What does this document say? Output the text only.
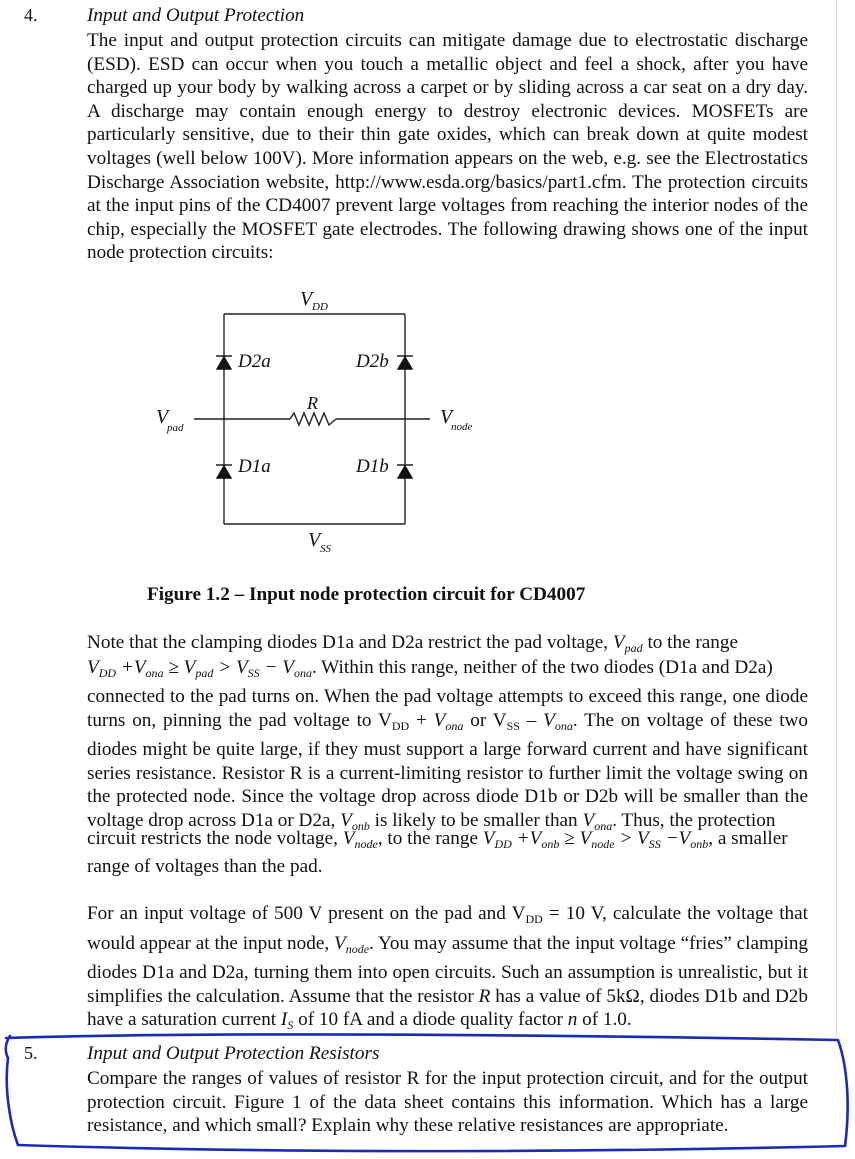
4.	Input and Output Protection

The input and output protection circuits can mitigate damage due to electrostatic discharge (ESD). ESD can occur when you touch a metallic object and feel a shock, after you have charged up your body by walking across a carpet or by sliding across a car seat on a dry day. A discharge may contain enough energy to destroy electronic devices. MOSFETs are particularly sensitive, due to their thin gate oxides, which can break down at quite modest voltages (well below 100V). More information appears on the web, e.g. see the Electrostatics Discharge Association website, http://www.esda.org/basics/part1.cfm. The protection circuits at the input pins of the CD4007 prevent large voltages from reaching the interior nodes of the chip, especially the MOSFET gate electrodes. The following drawing shows one of the input node protection circuits:

V DD
V SS
V
pad	V
node
R
D2a	D2b
D1a	D1b
Figure 1.2 – Input node protection circuit for CD4007
Note that the clamping diodes D1a and D2a restrict the pad voltage, $V_{pad}$ to the range
$V_{DD} +V_{ona} \ge V_{pad} > V_{SS} - V_{ona}$. Within this range, neither of the two diodes (D1a and D2a)

connected to the pad turns on. When the pad voltage attempts to exceed this range, one diode turns on, pinning the pad voltage to $V_{DD} + V_{ona}$ or $V_{SS} - V_{ona}$. The on voltage of these two diodes might be quite large, if they must support a large forward current and have significant series resistance. Resistor R is a current-limiting resistor to further limit the voltage swing on the protected node. Since the voltage drop across diode D1b or D2b will be smaller than the voltage drop across D1a or D2a, $V_{onb}$ is likely to be smaller than $V_{ona}$. Thus, the protection

circuit restricts the node voltage, $V_{node}$, to the range $V_{DD} +V_{onb} \ge V_{node} > V_{SS} -V_{onb}$, a smaller
range of voltages than the pad.

For an input voltage of 500 V present on the pad and $V_{DD} = 10$ V, calculate the voltage that would appear at the input node, $V_{node}$. You may assume that the input voltage “fries” clamping diodes D1a and D2a, turning them into open circuits. Such an assumption is unrealistic, but it simplifies the calculation. Assume that the resistor R has a value of 5kΩ, diodes D1b and D2b have a saturation current $I_S$ of 10 fA and a diode quality factor n of 1.0.

5.	Input and Output Protection Resistors

Compare the ranges of values of resistor R for the input protection circuit, and for the output protection circuit. Figure 1 of the data sheet contains this information. Which has a large resistance, and which small? Explain why these relative resistances are appropriate.
